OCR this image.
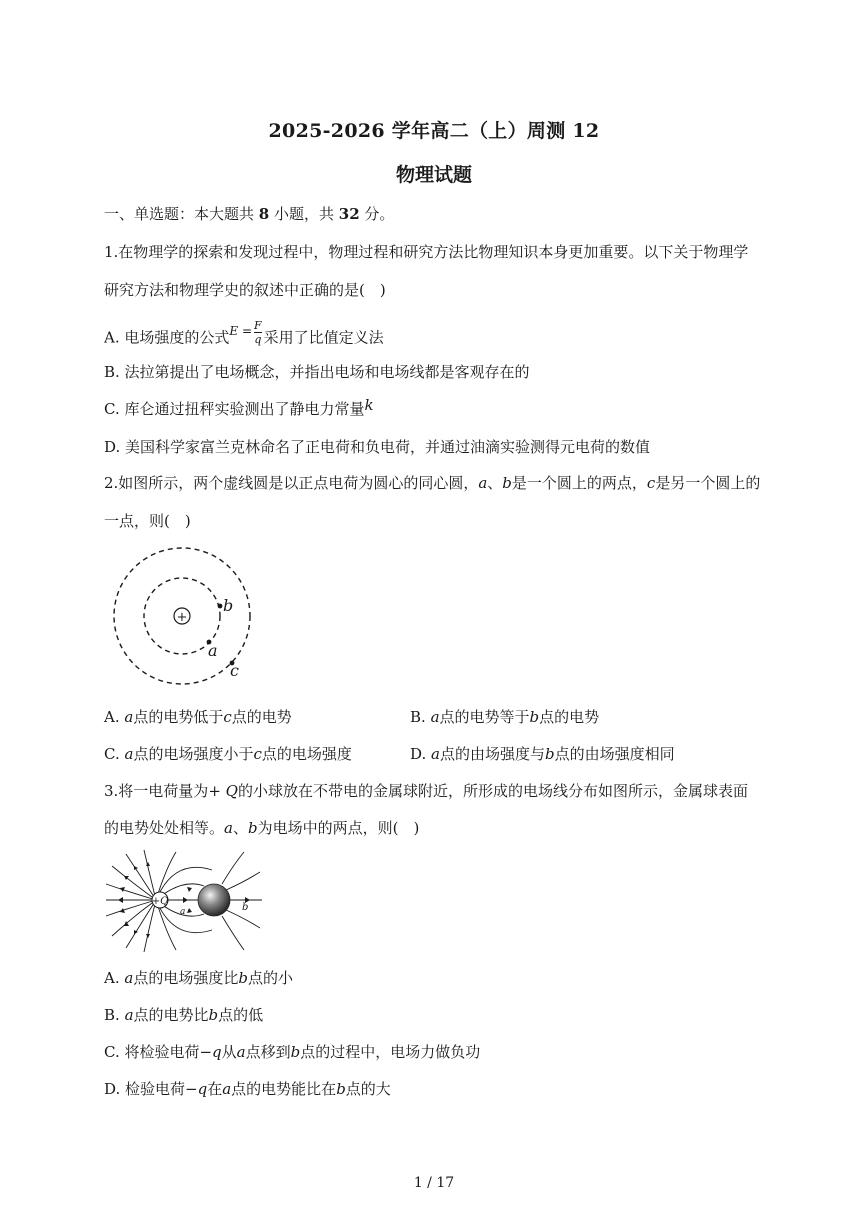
2025-2026 学年高二（上）周测 12
物理试题
一、单选题：本大题共 8 小题，共 32 分。
1.在物理学的探索和发现过程中，物理过程和研究方法比物理知识本身更加重要。以下关于物理学
研究方法和物理学史的叙述中正确的是(　)
A. 电场强度的公式$^{E =} \frac{F}{q}$ 采用了比值定义法
B. 法拉第提出了电场概念，并指出电场和电场线都是客观存在的
C. 库仑通过扭秤实验测出了静电力常量k
D. 美国科学家富兰克林命名了正电荷和负电荷，并通过油滴实验测得元电荷的数值
2.如图所示，两个虚线圆是以正点电荷为圆心的同心圆，a、b是一个圆上的两点，c是另一个圆上的
一点，则(　)
+
b
a
c
A. a点的电势低于c点的电势	B. a点的电势等于b点的电势
C. a点的电场强度小于c点的电场强度	D. a点的由场强度与b点的由场强度相同
3.将一电荷量为+ Q的小球放在不带电的金属球附近，所形成的电场线分布如图所示，金属球表面
的电势处处相等。a、b为电场中的两点，则(　)
+Q
a	b
A. a点的电场强度比b点的小
B. a点的电势比b点的低
C. 将检验电荷−q从a点移到b点的过程中，电场力做负功
D. 检验电荷−q在a点的电势能比在b点的大
1 / 17
